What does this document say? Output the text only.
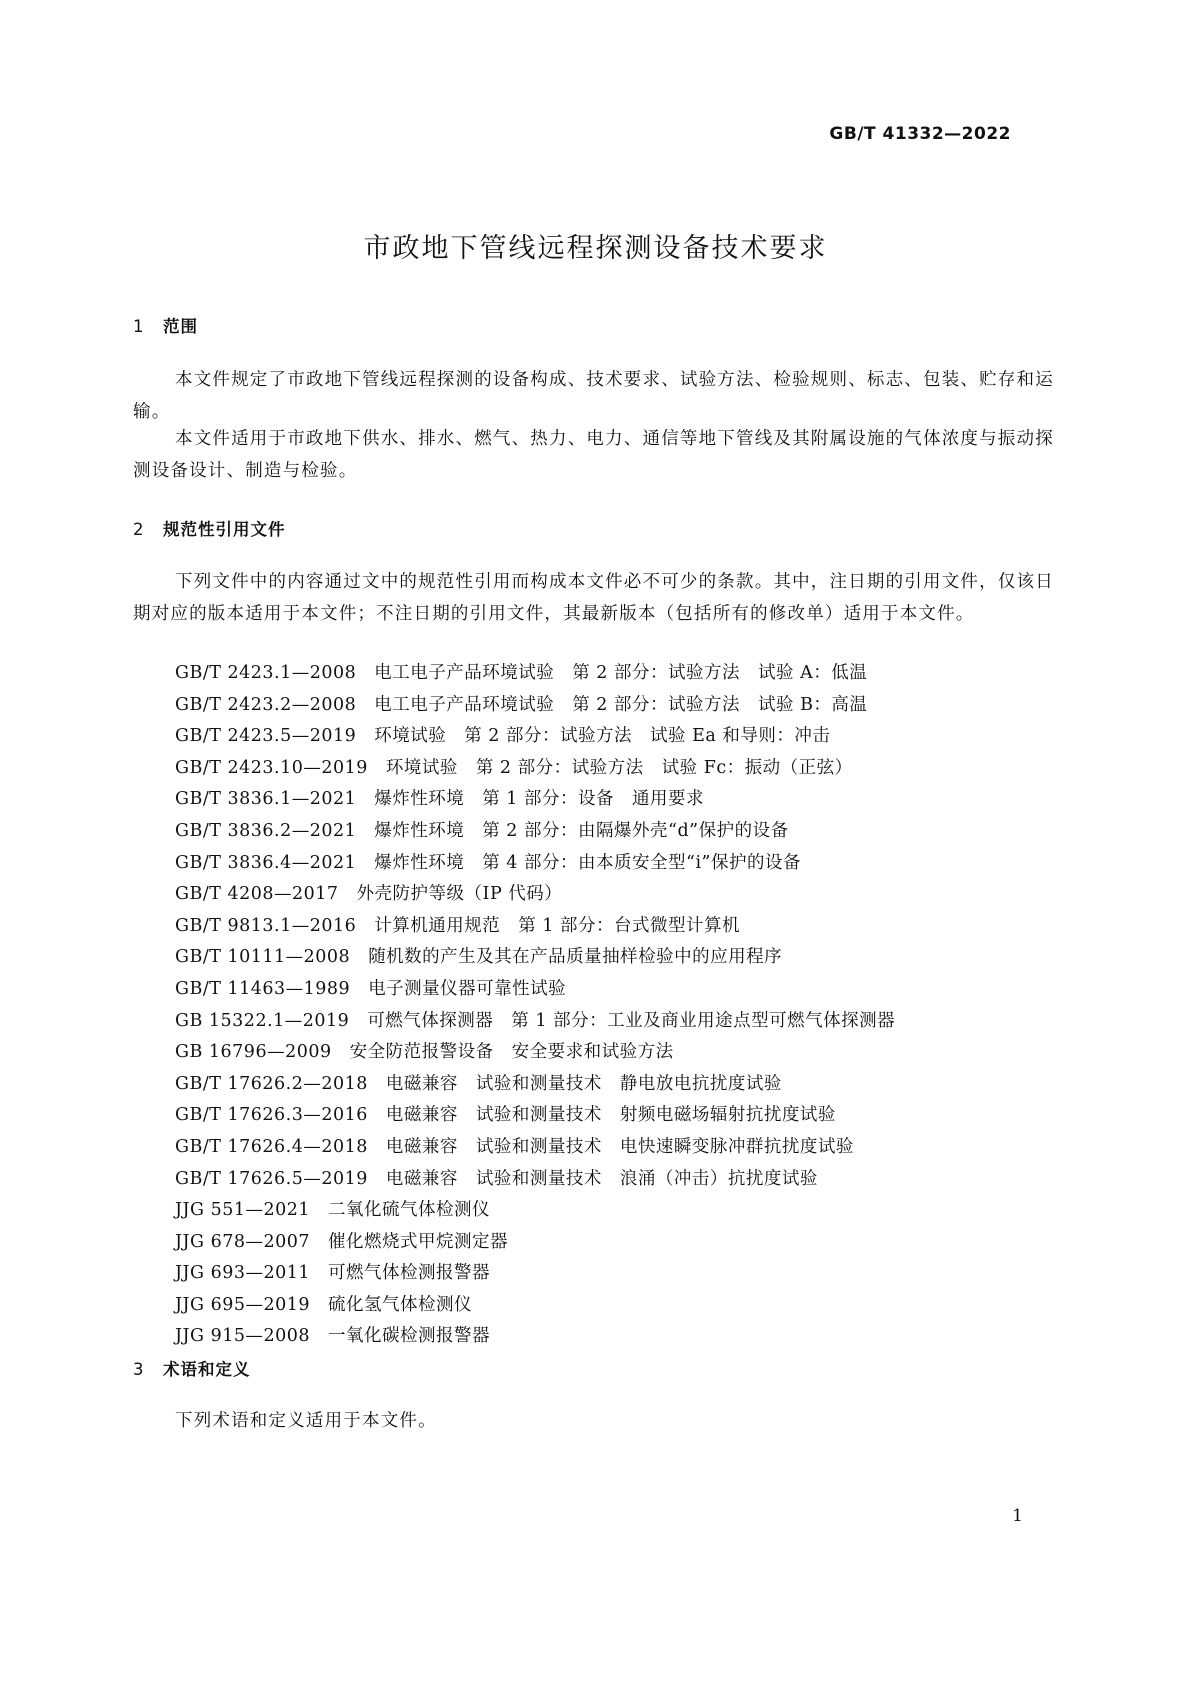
GB/T 41332—2022
市政地下管线远程探测设备技术要求
1 范围

本文件规定了市政地下管线远程探测的设备构成、技术要求、试验方法、检验规则、标志、包装、贮存和运输。

本文件适用于市政地下供水、排水、燃气、热力、电力、通信等地下管线及其附属设施的气体浓度与振动探测设备设计、制造与检验。

2 规范性引用文件

下列文件中的内容通过文中的规范性引用而构成本文件必不可少的条款。其中，注日期的引用文件，仅该日期对应的版本适用于本文件；不注日期的引用文件，其最新版本（包括所有的修改单）适用于本文件。

GB/T 2423.1—2008 电工电子产品环境试验　第 2 部分：试验方法　试验 A：低温
GB/T 2423.2—2008 电工电子产品环境试验　第 2 部分：试验方法　试验 B：高温
GB/T 2423.5—2019 环境试验　第 2 部分：试验方法　试验 Ea 和导则：冲击
GB/T 2423.10—2019 环境试验　第 2 部分：试验方法　试验 Fc：振动（正弦）
GB/T 3836.1—2021 爆炸性环境　第 1 部分：设备　通用要求
GB/T 3836.2—2021 爆炸性环境　第 2 部分：由隔爆外壳“d”保护的设备
GB/T 3836.4—2021 爆炸性环境　第 4 部分：由本质安全型“i”保护的设备
GB/T 4208—2017 外壳防护等级（IP 代码）
GB/T 9813.1—2016 计算机通用规范　第 1 部分：台式微型计算机
GB/T 10111—2008 随机数的产生及其在产品质量抽样检验中的应用程序
GB/T 11463—1989 电子测量仪器可靠性试验
GB 15322.1—2019 可燃气体探测器　第 1 部分：工业及商业用途点型可燃气体探测器
GB 16796—2009 安全防范报警设备　安全要求和试验方法
GB/T 17626.2—2018 电磁兼容　试验和测量技术　静电放电抗扰度试验
GB/T 17626.3—2016 电磁兼容　试验和测量技术　射频电磁场辐射抗扰度试验
GB/T 17626.4—2018 电磁兼容　试验和测量技术　电快速瞬变脉冲群抗扰度试验
GB/T 17626.5—2019 电磁兼容　试验和测量技术　浪涌（冲击）抗扰度试验
JJG 551—2021 二氧化硫气体检测仪
JJG 678—2007 催化燃烧式甲烷测定器
JJG 693—2011 可燃气体检测报警器
JJG 695—2019 硫化氢气体检测仪
JJG 915—2008 一氧化碳检测报警器
3 术语和定义

下列术语和定义适用于本文件。

1
